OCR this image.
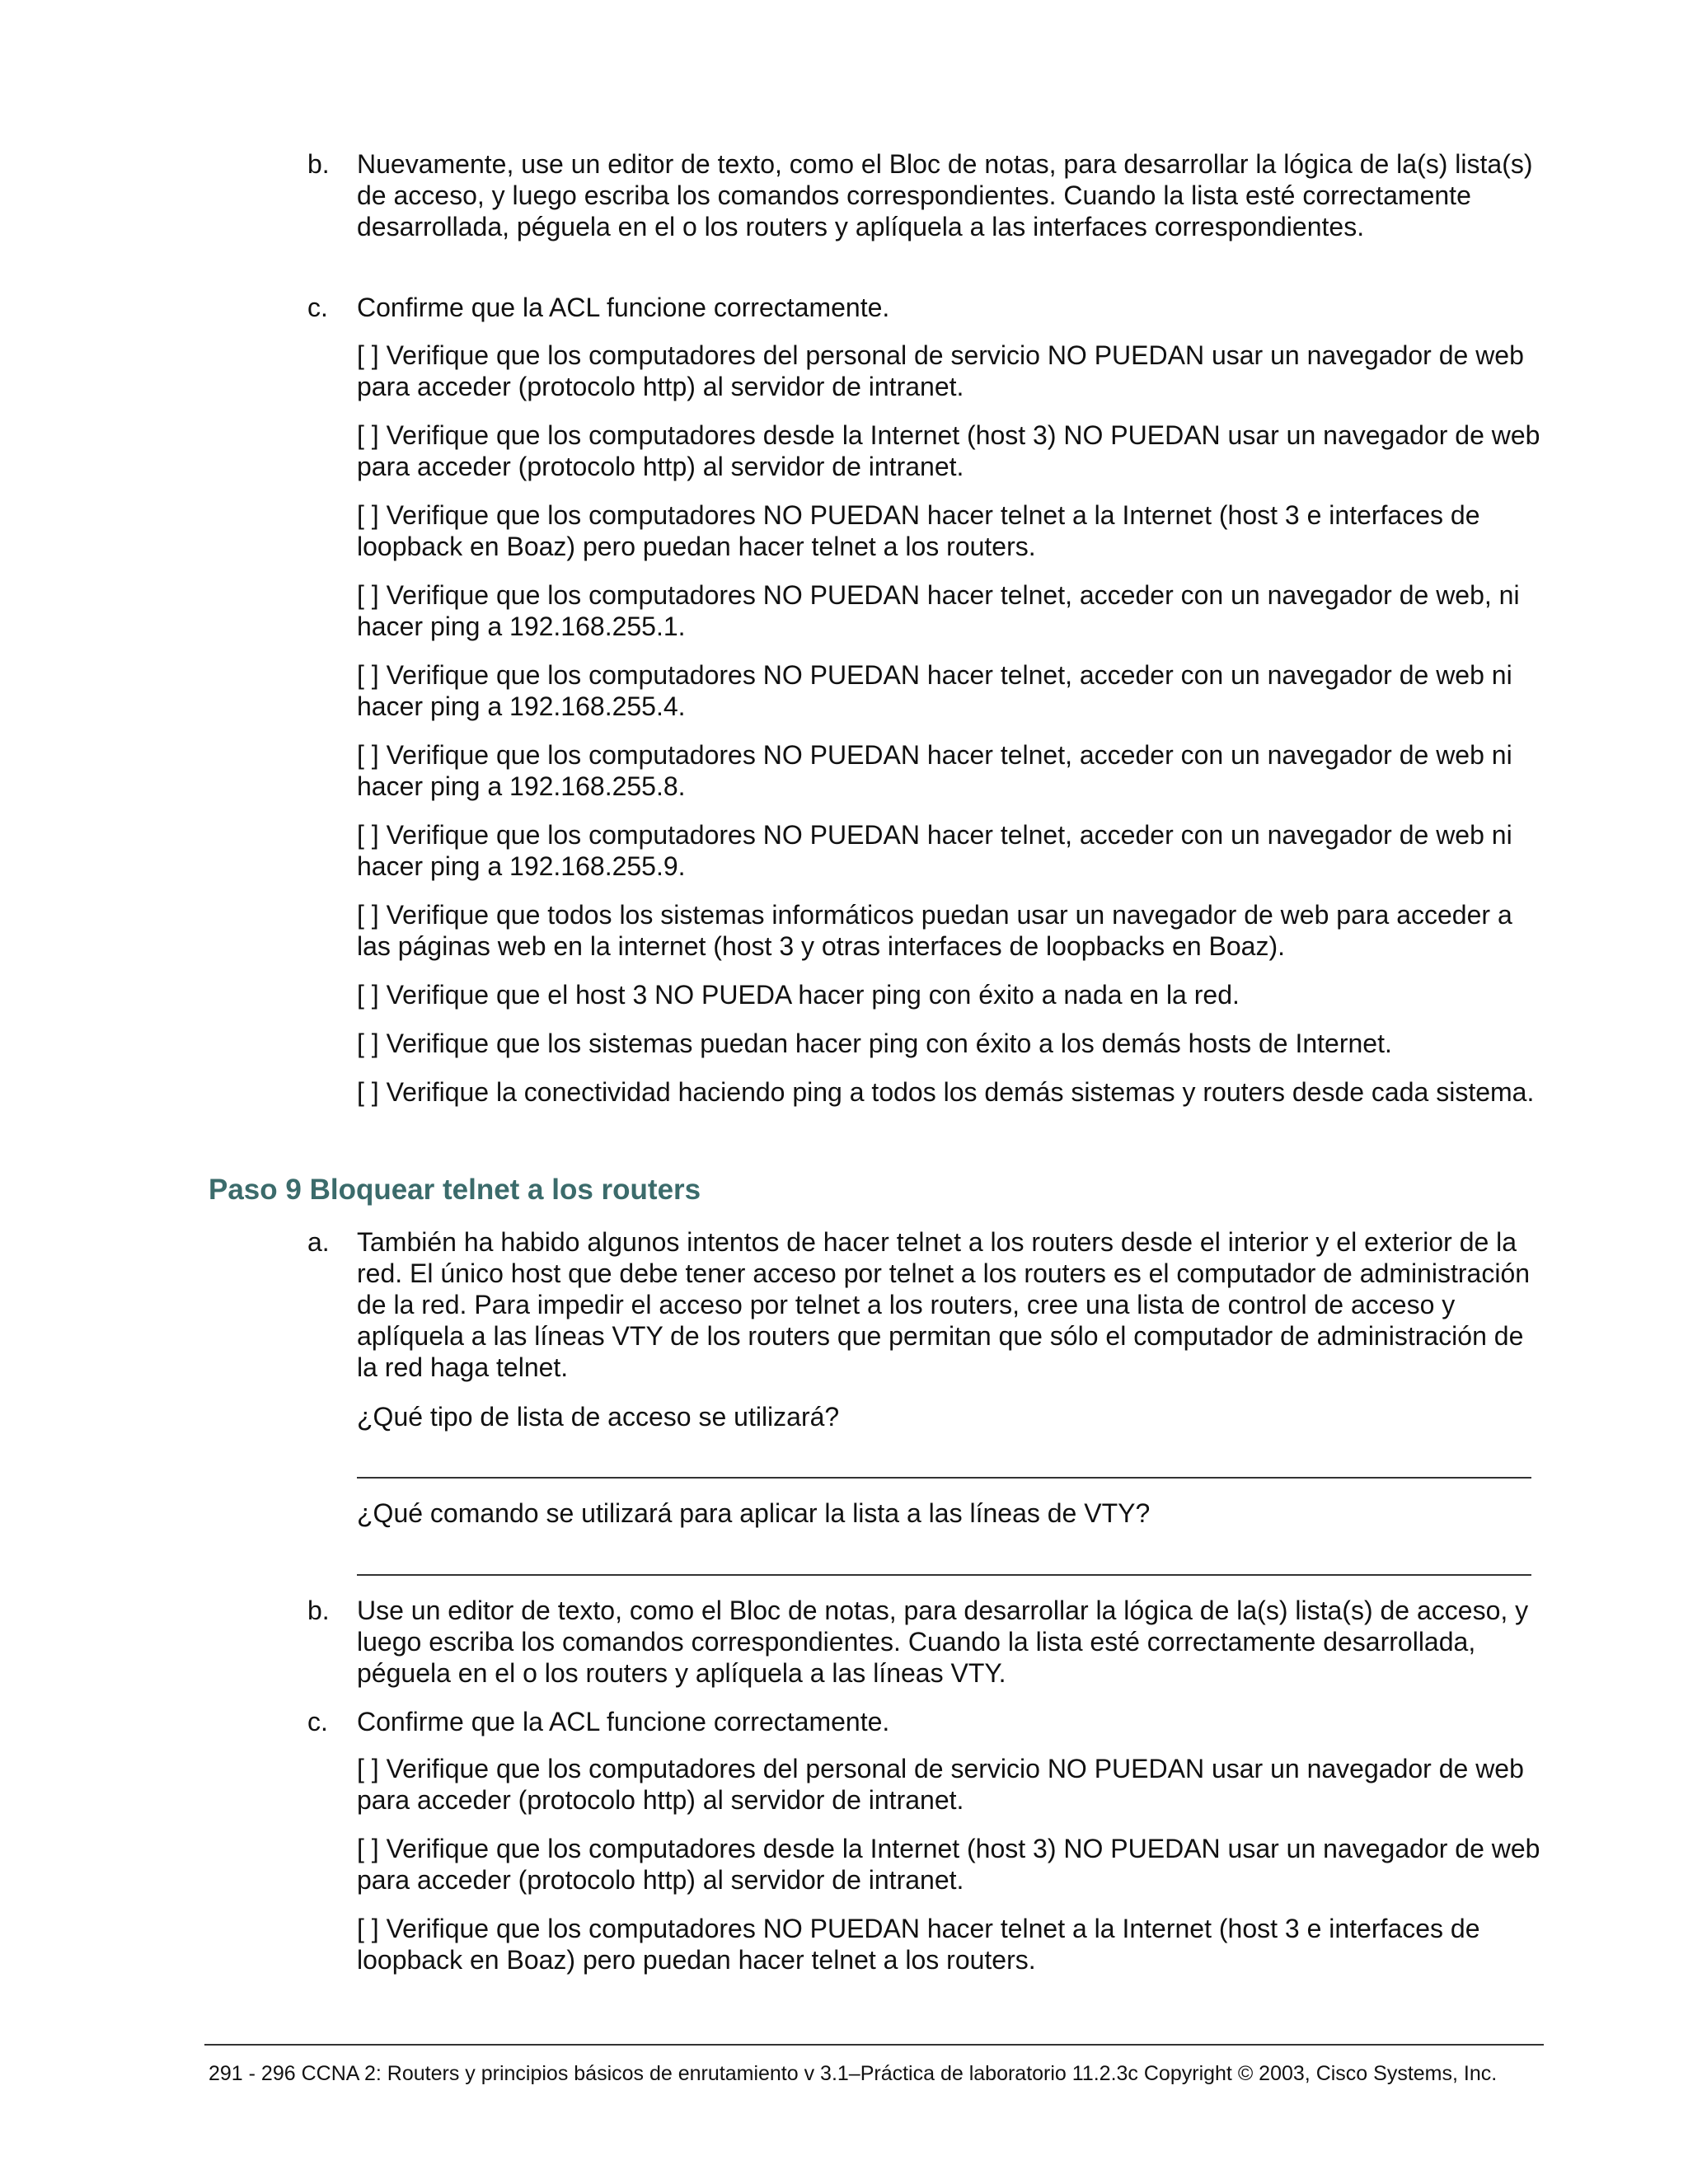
b. Nuevamente, use un editor de texto, como el Bloc de notas, para desarrollar la lógica de la(s) lista(s) de acceso, y luego escriba los comandos correspondientes. Cuando la lista esté correctamente desarrollada, péguela en el o los routers y aplíquela a las interfaces correspondientes.
c. Confirme que la ACL funcione correctamente.
[ ] Verifique que los computadores del personal de servicio NO PUEDAN usar un navegador de web para acceder (protocolo http) al servidor de intranet.
[ ] Verifique que los computadores desde la Internet (host 3) NO PUEDAN usar un navegador de web para acceder (protocolo http) al servidor de intranet.
[ ] Verifique que los computadores NO PUEDAN hacer telnet a la Internet (host 3 e interfaces de loopback en Boaz) pero puedan hacer telnet a los routers.
[ ] Verifique que los computadores NO PUEDAN hacer telnet, acceder con un navegador de web, ni hacer ping a 192.168.255.1.
[ ] Verifique que los computadores NO PUEDAN hacer telnet, acceder con un navegador de web ni hacer ping a 192.168.255.4.
[ ] Verifique que los computadores NO PUEDAN hacer telnet, acceder con un navegador de web ni hacer ping a 192.168.255.8.
[ ] Verifique que los computadores NO PUEDAN hacer telnet, acceder con un navegador de web ni hacer ping a 192.168.255.9.
[ ] Verifique que todos los sistemas informáticos puedan usar un navegador de web para acceder a las páginas web en la internet (host 3 y otras interfaces de loopbacks en Boaz).
[ ] Verifique que el host 3 NO PUEDA hacer ping con éxito a nada en la red.
[ ] Verifique que los sistemas puedan hacer ping con éxito a los demás hosts de Internet.
[ ] Verifique la conectividad haciendo ping a todos los demás sistemas y routers desde cada sistema.
Paso 9 Bloquear telnet a los routers
a. También ha habido algunos intentos de hacer telnet a los routers desde el interior y el exterior de la red. El único host que debe tener acceso por telnet a los routers es el computador de administración de la red. Para impedir el acceso por telnet a los routers, cree una lista de control de acceso y aplíquela a las líneas VTY de los routers que permitan que sólo el computador de administración de la red haga telnet.
¿Qué tipo de lista de acceso se utilizará?
¿Qué comando se utilizará para aplicar la lista a las líneas de VTY?
b. Use un editor de texto, como el Bloc de notas, para desarrollar la lógica de la(s) lista(s) de acceso, y luego escriba los comandos correspondientes. Cuando la lista esté correctamente desarrollada, péguela en el o los routers y aplíquela a las líneas VTY.
c. Confirme que la ACL funcione correctamente.
[ ] Verifique que los computadores del personal de servicio NO PUEDAN usar un navegador de web para acceder (protocolo http) al servidor de intranet.
[ ] Verifique que los computadores desde la Internet (host 3) NO PUEDAN usar un navegador de web para acceder (protocolo http) al servidor de intranet.
[ ] Verifique que los computadores NO PUEDAN hacer telnet a la Internet (host 3 e interfaces de loopback en Boaz) pero puedan hacer telnet a los routers.
291 - 296 CCNA 2: Routers y principios básicos de enrutamiento v 3.1–Práctica de laboratorio 11.2.3c Copyright © 2003, Cisco Systems, Inc.
